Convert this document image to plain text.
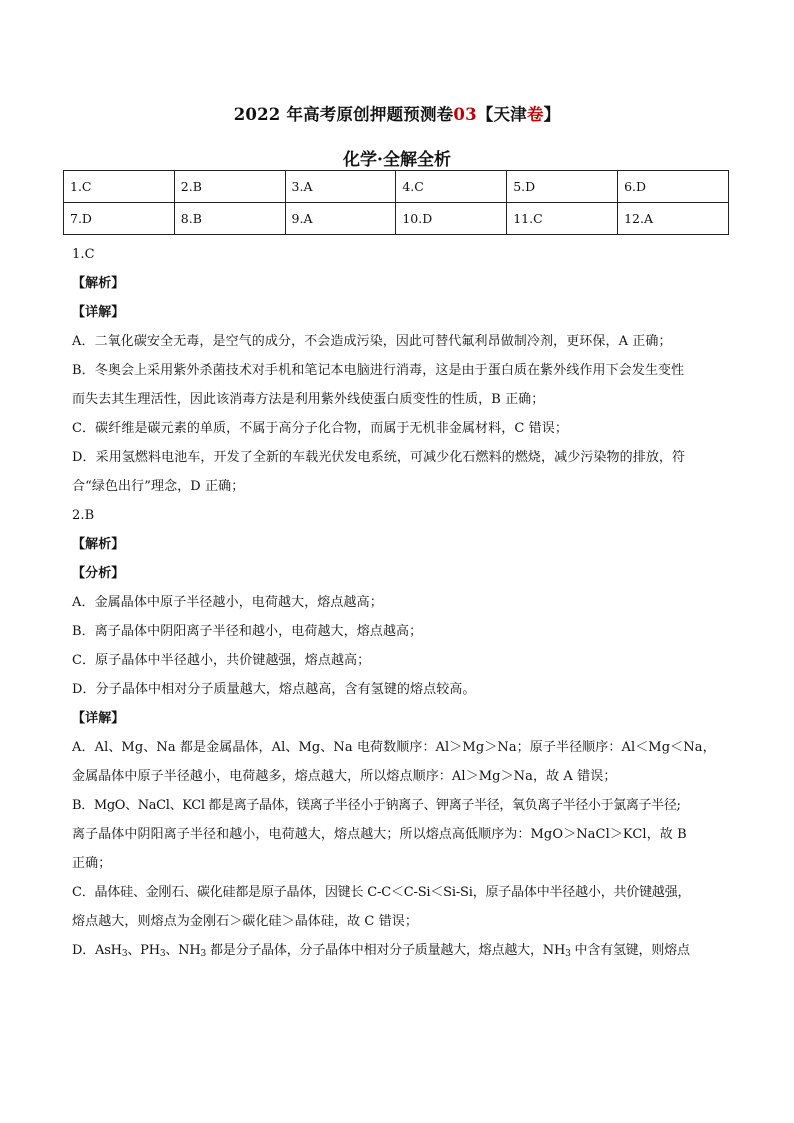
2022 年高考原创押题预测卷03【天津卷】
化学·全解全析
1.C	2.B	3.A	4.C	5.D	6.D
7.D	8.B	9.A	10.D	11.C	12.A
1.C
【解析】
【详解】
A．二氧化碳安全无毒，是空气的成分，不会造成污染，因此可替代氟利昂做制冷剂，更环保，A 正确；
B．冬奥会上采用紫外杀菌技术对手机和笔记本电脑进行消毒，这是由于蛋白质在紫外线作用下会发生变性
而失去其生理活性，因此该消毒方法是利用紫外线使蛋白质变性的性质，B 正确；
C．碳纤维是碳元素的单质，不属于高分子化合物，而属于无机非金属材料，C 错误；
D．采用氢燃料电池车，开发了全新的车载光伏发电系统，可减少化石燃料的燃烧，减少污染物的排放，符
合“绿色出行”理念，D 正确；
2.B
【解析】
【分析】
A．金属晶体中原子半径越小，电荷越大，熔点越高；
B．离子晶体中阴阳离子半径和越小，电荷越大，熔点越高；
C．原子晶体中半径越小，共价键越强，熔点越高；
D．分子晶体中相对分子质量越大，熔点越高，含有氢键的熔点较高。
【详解】
A．Al、Mg、Na 都是金属晶体，Al、Mg、Na 电荷数顺序：Al＞Mg＞Na；原子半径顺序：Al＜Mg＜Na，
金属晶体中原子半径越小，电荷越多，熔点越大，所以熔点顺序：Al＞Mg＞Na，故 A 错误；
B．MgO、NaCl、KCl 都是离子晶体，镁离子半径小于钠离子、钾离子半径，氧负离子半径小于氯离子半径;
离子晶体中阴阳离子半径和越小，电荷越大，熔点越大；所以熔点高低顺序为：MgO＞NaCl＞KCl，故 B
正确；
C．晶体硅、金刚石、碳化硅都是原子晶体，因键长 C-C＜C-Si＜Si-Si，原子晶体中半径越小，共价键越强，
熔点越大，则熔点为金刚石＞碳化硅＞晶体硅，故 C 错误；
D．AsH$_3$、$PH_3$、$NH_3$ 都是分子晶体，分子晶体中相对分子质量越大，熔点越大，$NH_3$ 中含有氢键，则熔点
